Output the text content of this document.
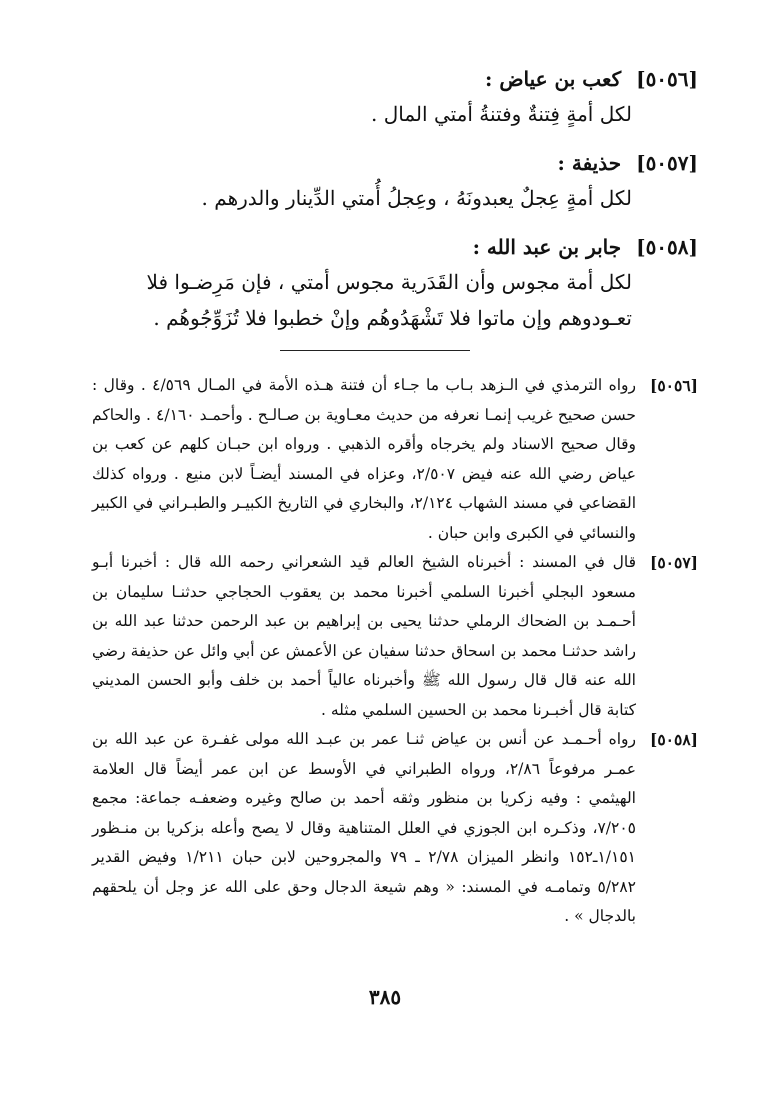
[٥٠٥٦] كعب بن عياض :
لكل أمةٍ فِتنةٌ وفتنةُ أمتي المال .
[٥٠٥٧] حذيفة :
لكل أمةٍ عِجلٌ يعبدونَهُ ، وعِجلُ أُمتي الدِّينار والدرهم .
[٥٠٥٨] جابر بن عبد الله :
لكل أمة مجوس وأن القَدَرية مجوس أمتي ، فإن مَرِضـوا فلا تعـودوهم وإن ماتوا فلا تَشْهَدُوهُم وإنْ خطبوا فلا تُزَوِّجُوهُم .
[٥٠٥٦]
رواه الترمذي في الـزهد بـاب ما جـاء أن فتنة هـذه الأمة في المـال ٤/٥٦٩ . وقال : حسن صحيح غريب إنمـا نعرفه من حديث معـاوية بن صـالـح . وأحمـد ٤/١٦٠ . والحاكم وقال صحيح الاسناد ولم يخرجاه وأقره الذهبي . ورواه ابن حبـان كلهم عن كعب بن عياض رضي الله عنه فيض ٢/٥٠٧، وعزاه في المسند أيضـاً لابن منيع . ورواه كذلك القضاعي في مسند الشهاب ٢/١٢٤، والبخاري في التاريخ الكبيـر والطبـراني في الكبير والنسائي في الكبرى وابن حبان .
[٥٠٥٧]
قال في المسند : أخبرناه الشيخ العالم قيد الشعراني رحمه الله قال : أخبرنا أبـو مسعود البجلي أخبرنا السلمي أخبرنا محمد بن يعقوب الحجاجي حدثنـا سليمان بن أحـمـد بن الضحاك الرملي حدثنا يحيى بن إبراهيم بن عبد الرحمن حدثنا عبد الله بن راشد حدثنـا محمد بن اسحاق حدثنا سفيان عن الأعمش عن أبي وائل عن حذيفة رضي الله عنه قال قال رسول الله ﷺ وأخبرناه عالياً أحمد بن خلف وأبو الحسن المديني كتابة قال أخبـرنا محمد بن الحسين السلمي مثله .
[٥٠٥٨]
رواه أحـمـد عن أنس بن عياض ثنـا عمر بن عبـد الله مولى غفـرة عن عبد الله بن عمـر مرفوعاً ٢/٨٦، ورواه الطبراني في الأوسط عن ابن عمر أيضاً قال العلامة الهيثمي : وفيه زكريا بن منظور وثقه أحمد بن صالح وغيره وضعفـه جماعة: مجمع ٧/٢٠٥، وذكـره ابن الجوزي في العلل المتناهية وقال لا يصح وأعله بزكريا بن منـظور ١/١٥١ـ١٥٢ وانظر الميزان ٢/٧٨ ـ ٧٩ والمجروحين لابن حبان ١/٢١١ وفيض القدير ٥/٢٨٢ وتمامـه في المسند: « وهم شيعة الدجال وحق على الله عز وجل أن يلحقهم بالدجال » .
٣٨٥
